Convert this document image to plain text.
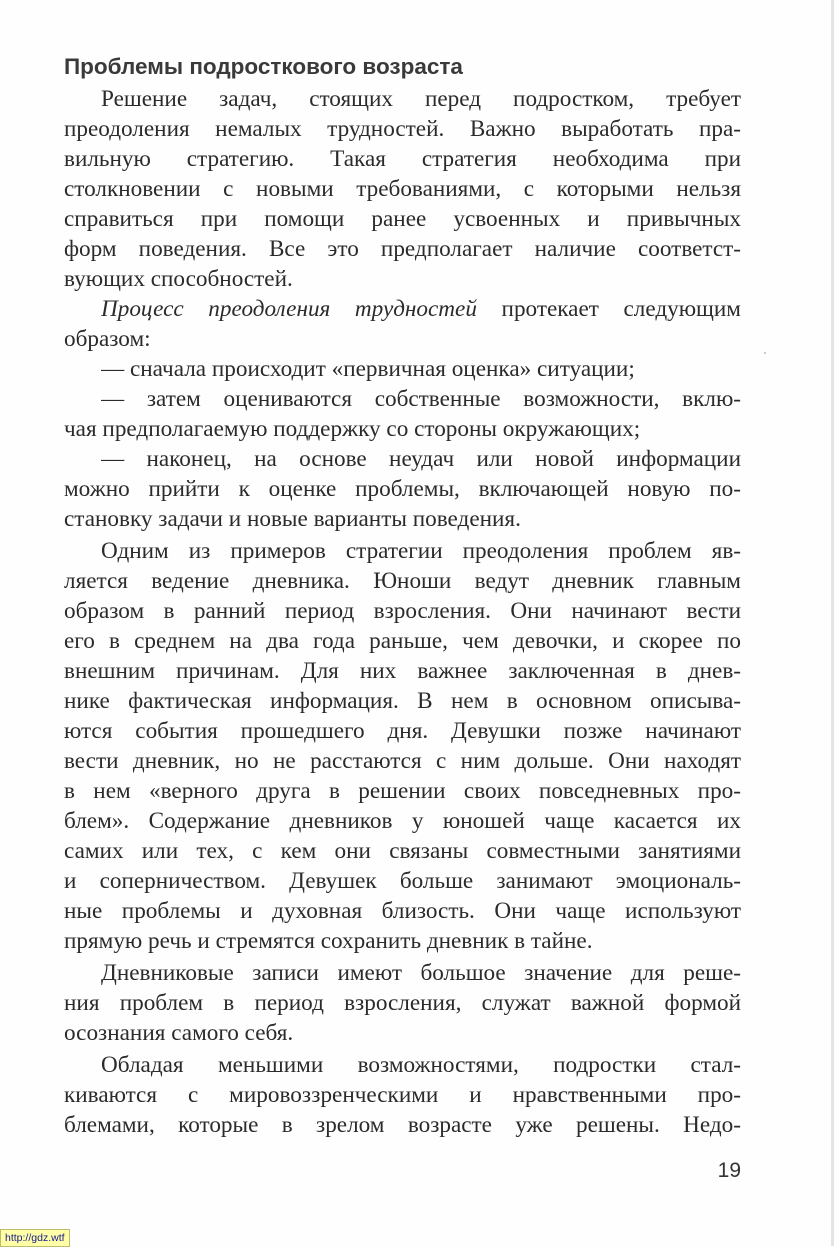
Проблемы подросткового возраста

Решение задач, стоящих перед подростком, требует

преодоления немалых трудностей. Важно выработать пра-

вильную стратегию. Такая стратегия необходима при

столкновении с новыми требованиями, с которыми нельзя

справиться при помощи ранее усвоенных и привычных

форм поведения. Все это предполагает наличие соответст-

вующих способностей.

Процесс преодоления трудностей протекает следующим

образом:

— сначала происходит «первичная оценка» ситуации;

— затем оцениваются собственные возможности, вклю-

чая предполагаемую поддержку со стороны окружающих;

— наконец, на основе неудач или новой информации

можно прийти к оценке проблемы, включающей новую по-

становку задачи и новые варианты поведения.

Одним из примеров стратегии преодоления проблем яв-

ляется ведение дневника. Юноши ведут дневник главным

образом в ранний период взросления. Они начинают вести

его в среднем на два года раньше, чем девочки, и скорее по

внешним причинам. Для них важнее заключенная в днев-

нике фактическая информация. В нем в основном описыва-

ются события прошедшего дня. Девушки позже начинают

вести дневник, но не расстаются с ним дольше. Они находят

в нем «верного друга в решении своих повседневных про-

блем». Содержание дневников у юношей чаще касается их

самих или тех, с кем они связаны совместными занятиями

и соперничеством. Девушек больше занимают эмоциональ-

ные проблемы и духовная близость. Они чаще используют

прямую речь и стремятся сохранить дневник в тайне.

Дневниковые записи имеют большое значение для реше-

ния проблем в период взросления, служат важной формой

осознания самого себя.

Обладая меньшими возможностями, подростки стал-

киваются с мировоззренческими и нравственными про-

блемами, которые в зрелом возрасте уже решены. Недо-

19

http://gdz.wtf
